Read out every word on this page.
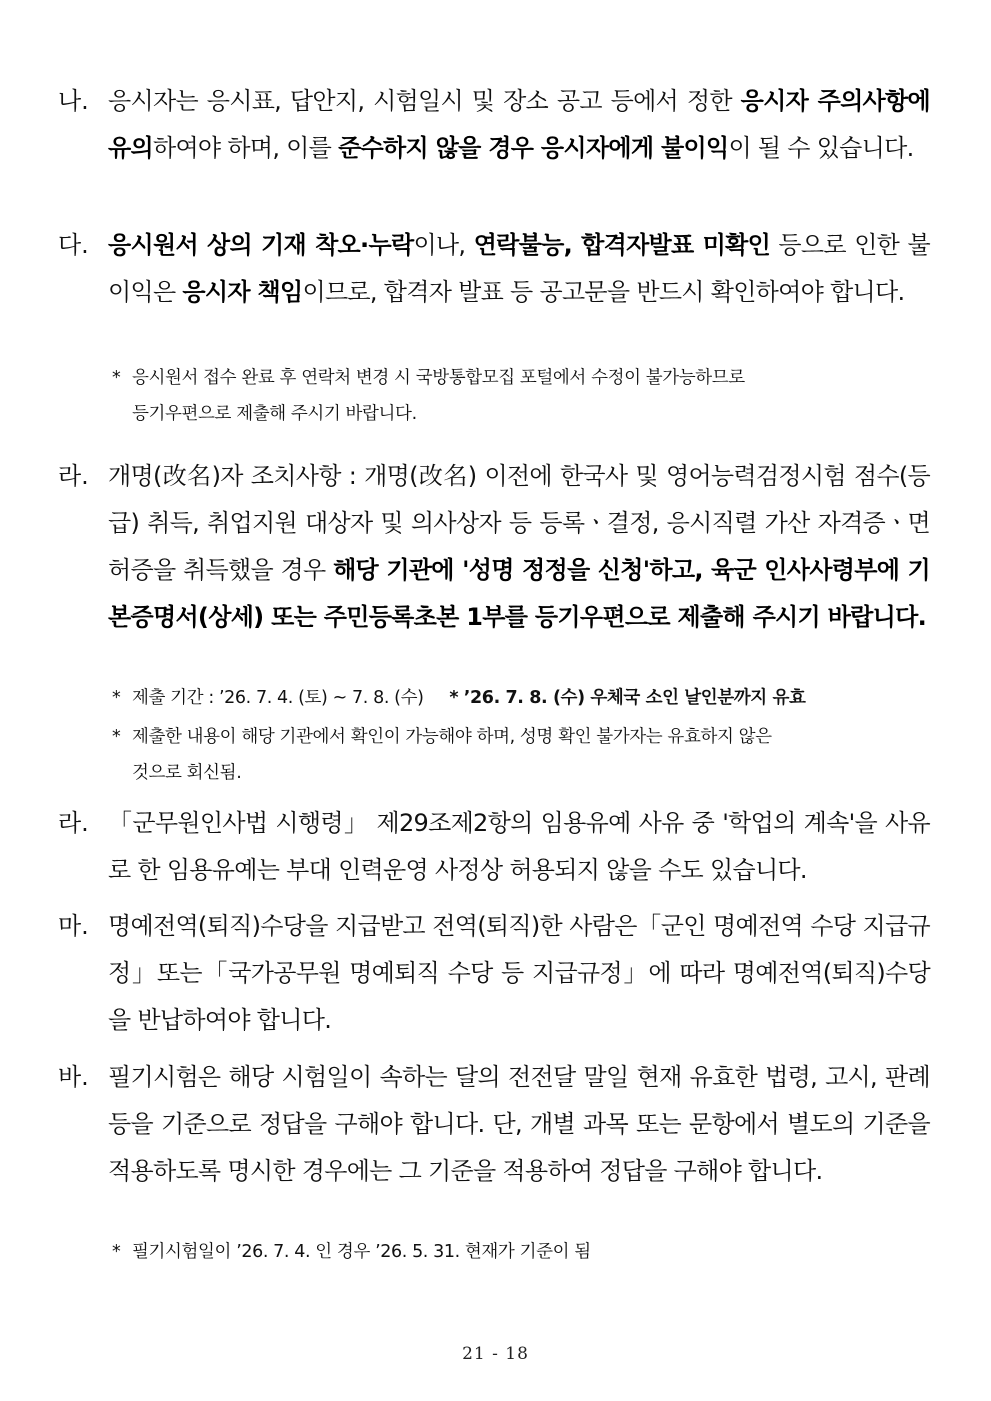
나. 응시자는 응시표, 답안지, 시험일시 및 장소 공고 등에서 정한 응시자 주의사항에 유의하여야 하며, 이를 준수하지 않을 경우 응시자에게 불이익이 될 수 있습니다.
다. 응시원서 상의 기재 착오·누락이나, 연락불능, 합격자발표 미확인 등으로 인한 불이익은 응시자 책임이므로, 합격자 발표 등 공고문을 반드시 확인하여야 합니다.
* 응시원서 접수 완료 후 연락처 변경 시 국방통합모집 포털에서 수정이 불가능하므로
등기우편으로 제출해 주시기 바랍니다.
라. 개명(改名)자 조치사항 : 개명(改名) 이전에 한국사 및 영어능력검정시험 점수(등급) 취득, 취업지원 대상자 및 의사상자 등 등록ㆍ결정, 응시직렬 가산 자격증ㆍ면허증을 취득했을 경우 해당 기관에 '성명 정정을 신청'하고, 육군 인사사령부에 기본증명서(상세) 또는 주민등록초본 1부를 등기우편으로 제출해 주시기 바랍니다.
* 제출 기간 : ’26. 7. 4. (토) ~ 7. 8. (수) * ’26. 7. 8. (수) 우체국 소인 날인분까지 유효
* 제출한 내용이 해당 기관에서 확인이 가능해야 하며, 성명 확인 불가자는 유효하지 않은
것으로 회신됨.
라. 「군무원인사법 시행령」 제29조제2항의 임용유예 사유 중 '학업의 계속'을 사유로 한 임용유예는 부대 인력운영 사정상 허용되지 않을 수도 있습니다.
마. 명예전역(퇴직)수당을 지급받고 전역(퇴직)한 사람은「군인 명예전역 수당 지급규정」또는「국가공무원 명예퇴직 수당 등 지급규정」에 따라 명예전역(퇴직)수당을 반납하여야 합니다.
바. 필기시험은 해당 시험일이 속하는 달의 전전달 말일 현재 유효한 법령, 고시, 판례 등을 기준으로 정답을 구해야 합니다. 단, 개별 과목 또는 문항에서 별도의 기준을 적용하도록 명시한 경우에는 그 기준을 적용하여 정답을 구해야 합니다.
* 필기시험일이 ’26. 7. 4. 인 경우 ’26. 5. 31. 현재가 기준이 됨
21 - 18
